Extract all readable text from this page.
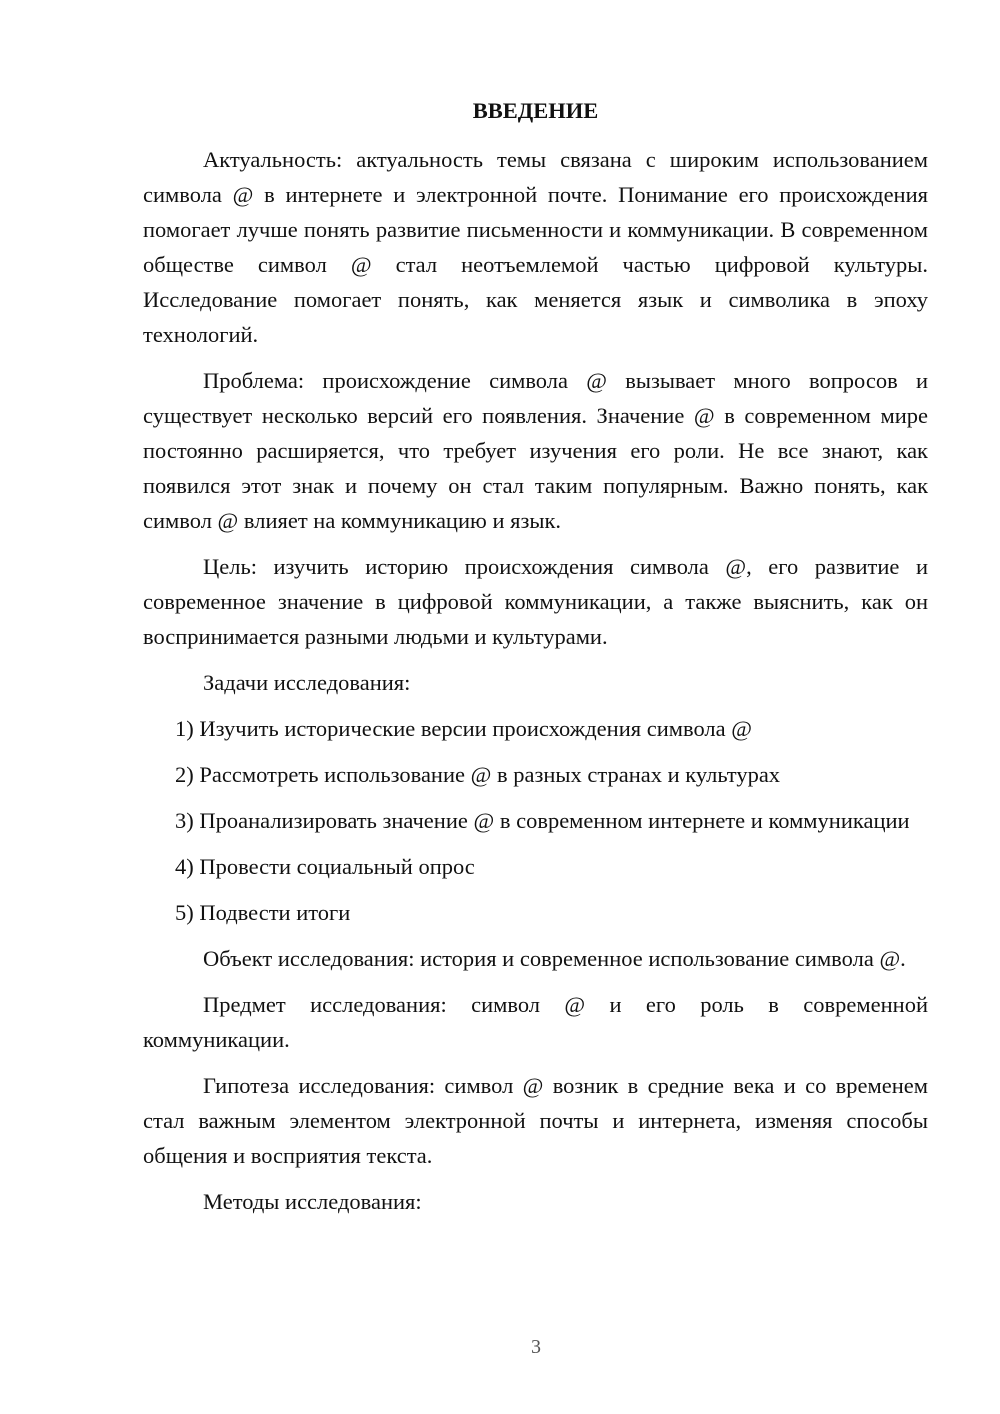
ВВЕДЕНИЕ

Актуальность: актуальность темы связана с широким использованием символа @ в интернете и электронной почте. Понимание его происхождения помогает лучше понять развитие письменности и коммуникации. В современном обществе символ @ стал неотъемлемой частью цифровой культуры. Исследование помогает понять, как меняется язык и символика в эпоху технологий.

Проблема: происхождение символа @ вызывает много вопросов и существует несколько версий его появления. Значение @ в современном мире постоянно расширяется, что требует изучения его роли. Не все знают, как появился этот знак и почему он стал таким популярным. Важно понять, как символ @ влияет на коммуникацию и язык.

Цель: изучить историю происхождения символа @, его развитие и современное значение в цифровой коммуникации, а также выяснить, как он воспринимается разными людьми и культурами.

Задачи исследования:

1) Изучить исторические версии происхождения символа @

2) Рассмотреть использование @ в разных странах и культурах

3) Проанализировать значение @ в современном интернете и коммуникации

4) Провести социальный опрос

5) Подвести итоги

Объект исследования: история и современное использование символа @.

Предмет исследования: символ @ и его роль в современной коммуникации.

Гипотеза исследования: символ @ возник в средние века и со временем стал важным элементом электронной почты и интернета, изменяя способы общения и восприятия текста.

Методы исследования:

3
